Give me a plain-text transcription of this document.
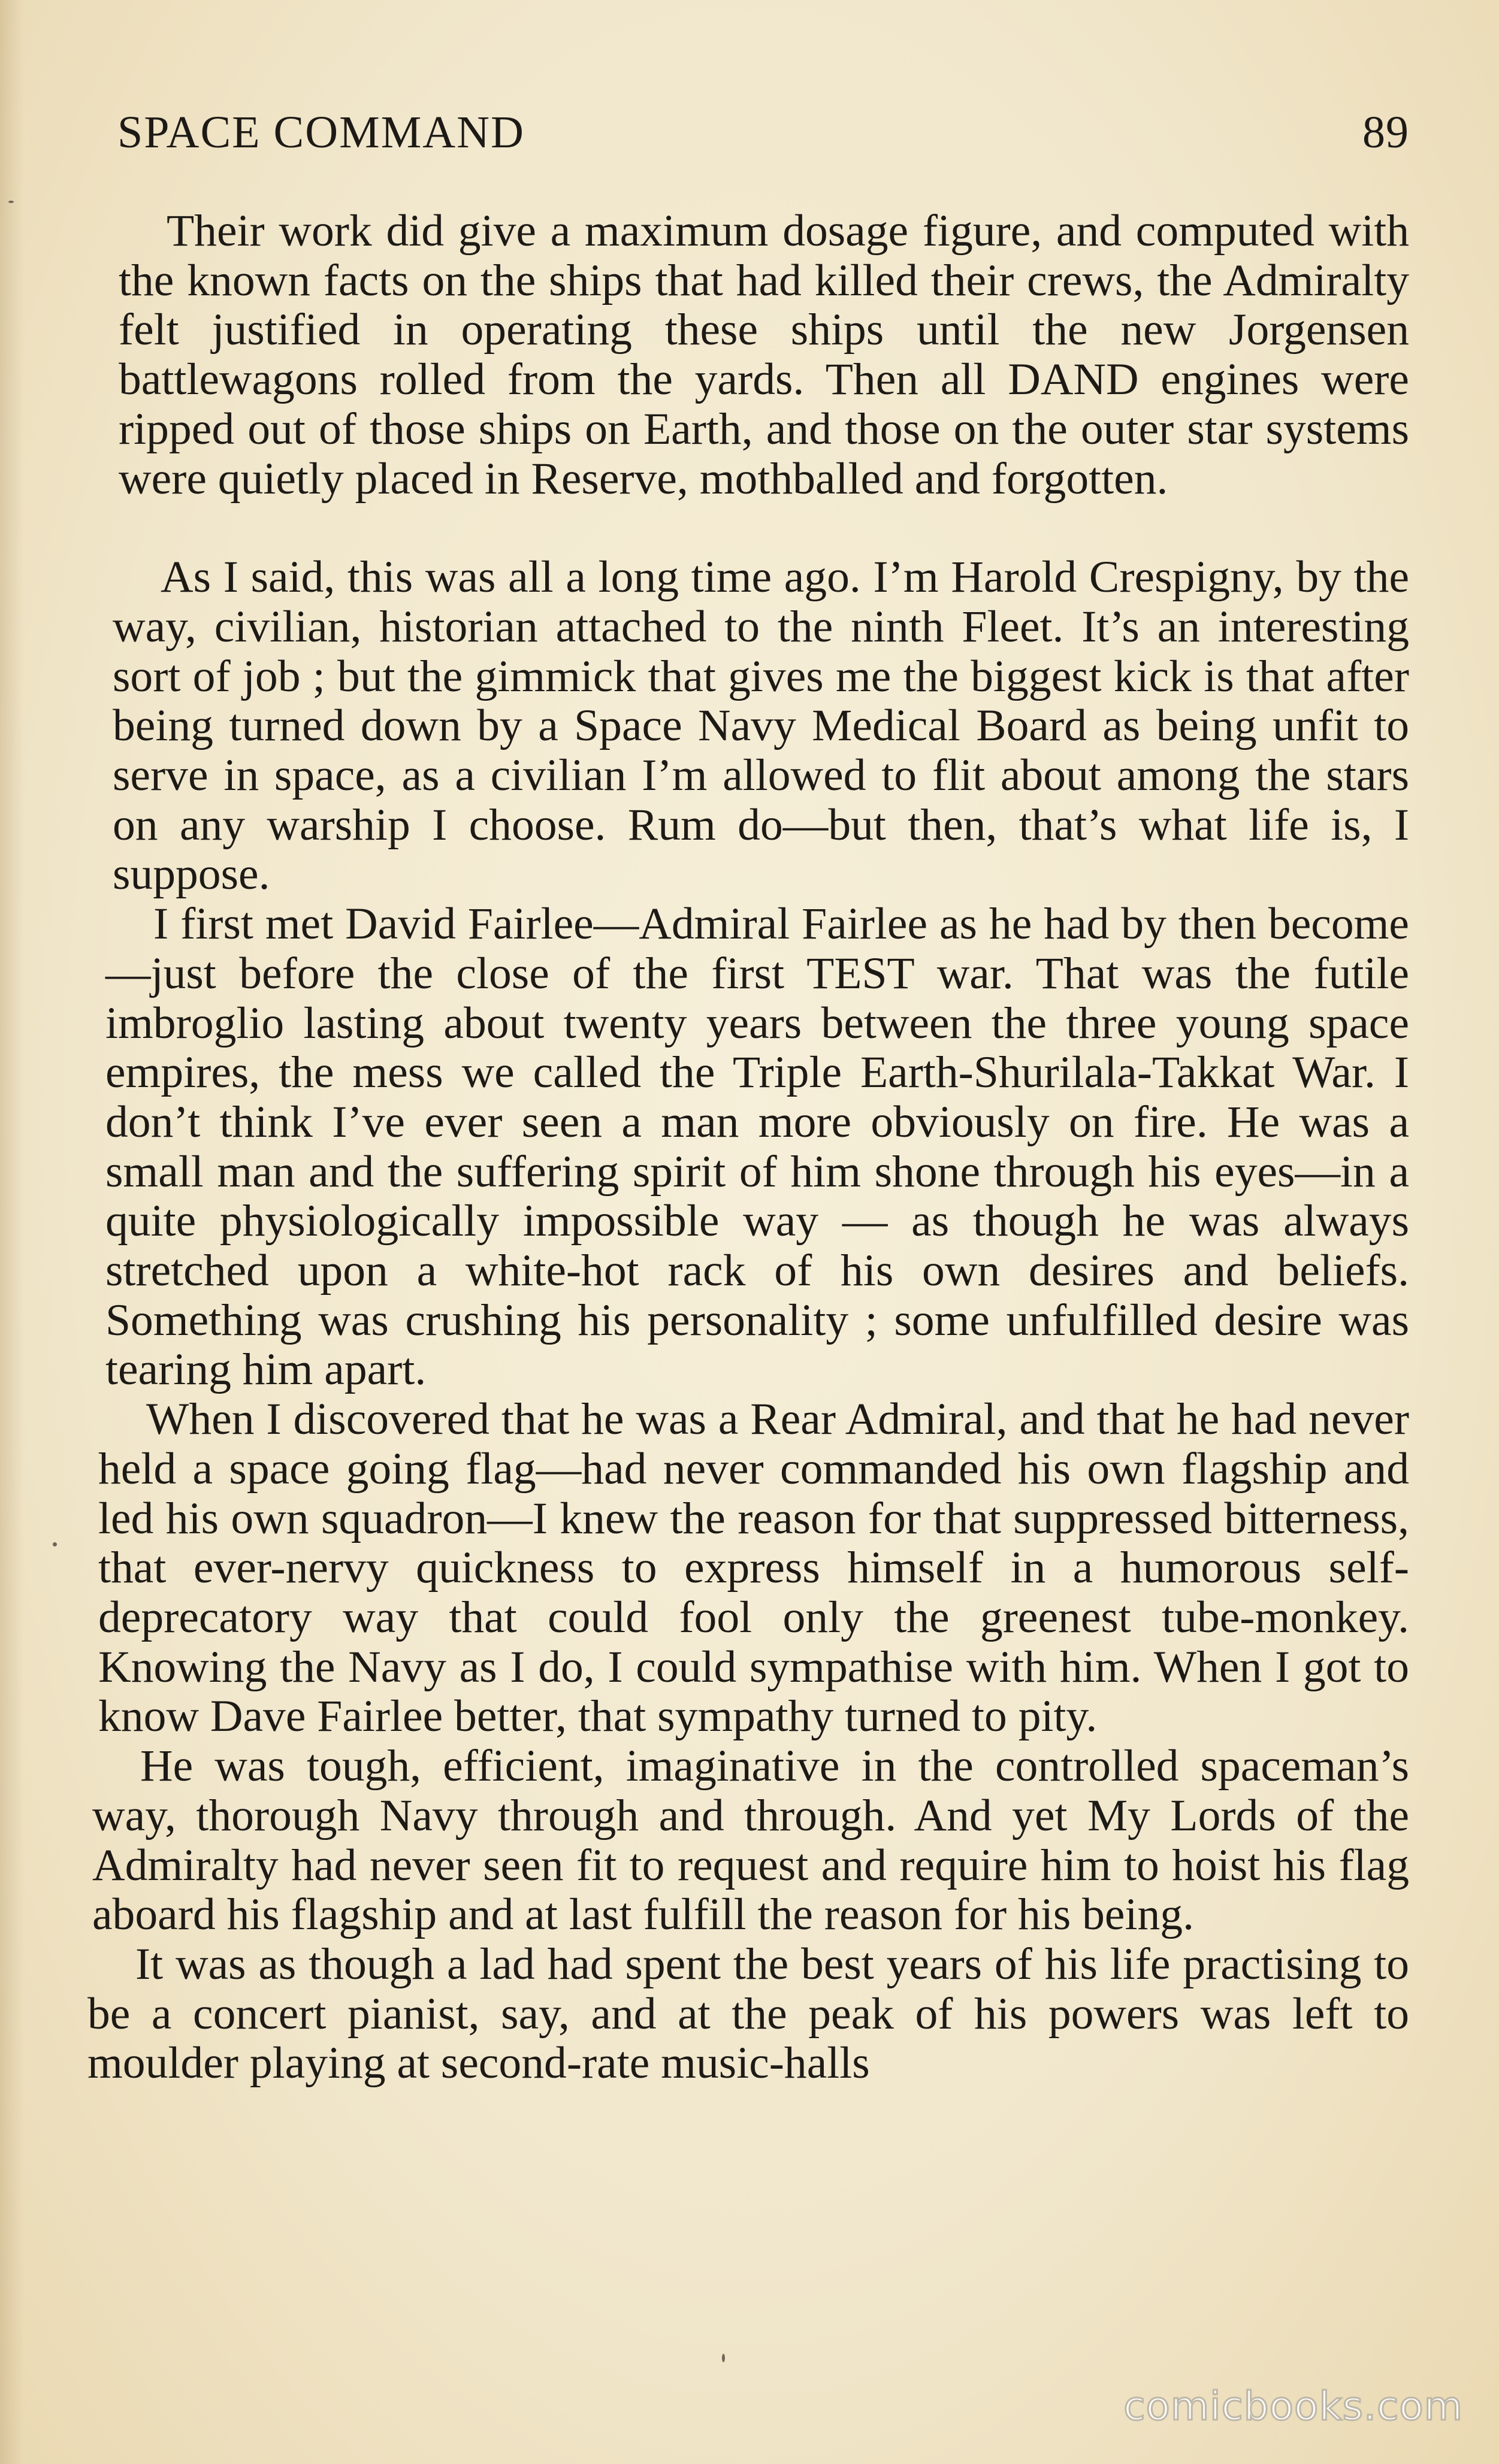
SPACE COMMAND	89

Their work did give a maximum dosage figure, and computed with the known facts on the ships that had killed their crews, the Admiralty felt justified in operating these ships until the new Jorgensen battlewagons rolled from the yards. Then all DAND engines were ripped out of those ships on Earth, and those on the outer star systems were quietly placed in Reserve, mothballed and forgotten.

As I said, this was all a long time ago. I’m Harold Crespigny, by the way, civilian, historian attached to the ninth Fleet. It’s an interesting sort of job ; but the gimmick that gives me the biggest kick is that after being turned down by a Space Navy Medical Board as being unfit to serve in space, as a civilian I’m allowed to flit about among the stars on any warship I choose. Rum do—but then, that’s what life is, I suppose.

I first met David Fairlee—Admiral Fairlee as he had by then become—just before the close of the first TEST war. That was the futile imbroglio lasting about twenty years between the three young space empires, the mess we called the Triple Earth-Shurilala-Takkat War. I don’t think I’ve ever seen a man more obviously on fire. He was a small man and the suffering spirit of him shone through his eyes—in a quite physiologically impossible way — as though he was always stretched upon a white-hot rack of his own desires and beliefs. Something was crushing his personality ; some unfulfilled desire was tearing him apart.

When I discovered that he was a Rear Admiral, and that he had never held a space going flag—had never commanded his own flagship and led his own squadron—I knew the reason for that suppressed bitterness, that ever-nervy quickness to express himself in a humorous self-deprecatory way that could fool only the greenest tube-monkey. Knowing the Navy as I do, I could sympathise with him. When I got to know Dave Fairlee better, that sympathy turned to pity.

He was tough, efficient, imaginative in the controlled spaceman’s way, thorough Navy through and through. And yet My Lords of the Admiralty had never seen fit to request and require him to hoist his flag aboard his flagship and at last fulfill the reason for his being.

It was as though a lad had spent the best years of his life practising to be a concert pianist, say, and at the peak of his powers was left to moulder playing at second-rate music-halls

comicbooks.com
